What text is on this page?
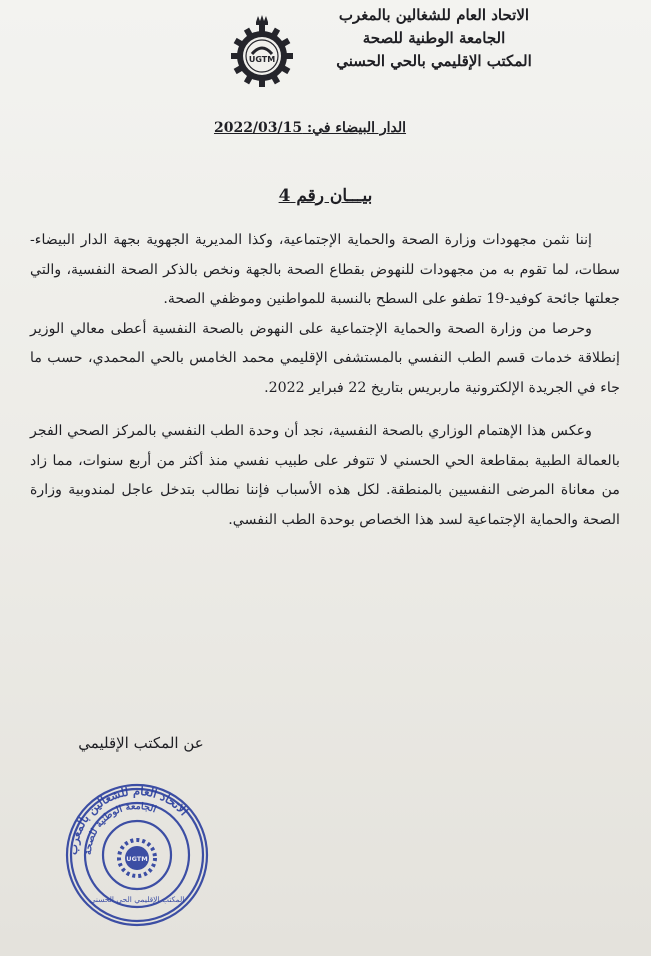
الاتحاد العام للشغالين بالمغرب
الجامعة الوطنية للصحة
المكتب الإقليمي بالحي الحسني
UGTM
الدار البيضاء في: 2022/03/15
بيـــان رقم 4

إننا نثمن مجهودات وزارة الصحة والحماية الإجتماعية، وكذا المديرية الجهوية بجهة الدار البيضاء-سطات، لما تقوم به من مجهودات للنهوض بقطاع الصحة بالجهة ونخص بالذكر الصحة النفسية، والتي جعلتها جائحة كوفيد-19 تطفو على السطح بالنسبة للمواطنين وموظفي الصحة.

وحرصا من وزارة الصحة والحماية الإجتماعية على النهوض بالصحة النفسية أعطى معالي الوزير إنطلاقة خدمات قسم الطب النفسي بالمستشفى الإقليمي محمد الخامس بالحي المحمدي، حسب ما جاء في الجريدة الإلكترونية ماربريس بتاريخ 22 فبراير 2022.

وعكس هذا الإهتمام الوزاري بالصحة النفسية، نجد أن وحدة الطب النفسي بالمركز الصحي الفجر بالعمالة الطبية بمقاطعة الحي الحسني لا تتوفر على طبيب نفسي منذ أكثر من أربع سنوات، مما زاد من معاناة المرضى النفسيين بالمنطقة. لكل هذه الأسباب فإننا نطالب بتدخل عاجل لمندوبية وزارة الصحة والحماية الإجتماعية لسد هذا الخصاص بوحدة الطب النفسي.

عن المكتب الإقليمي
الاتحاد العام للشغالين بالمغرب
الجامعة الوطنية للصحة
UGTM
المكتب الإقليمي الحي الحسني
